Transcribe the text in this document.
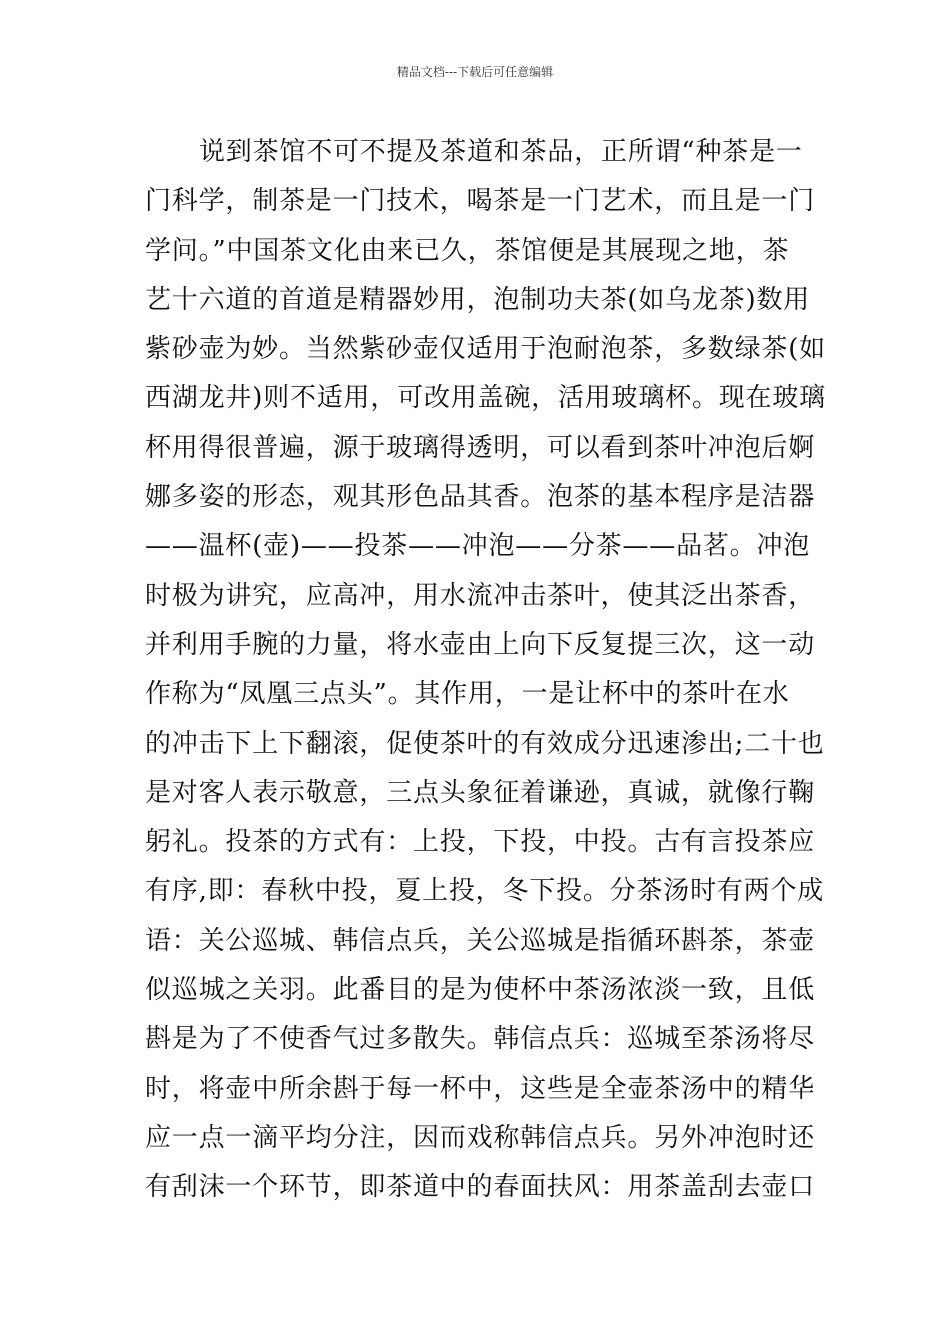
精品文档---下载后可任意编辑
说到茶馆不可不提及茶道和茶品，正所谓“种茶是一
门科学，制茶是一门技术，喝茶是一门艺术，而且是一门
学问。”中国茶文化由来已久，茶馆便是其展现之地，茶
艺十六道的首道是精器妙用，泡制功夫茶(如乌龙茶)数用
紫砂壶为妙。当然紫砂壶仅适用于泡耐泡茶，多数绿茶(如
西湖龙井)则不适用，可改用盖碗，活用玻璃杯。现在玻璃
杯用得很普遍，源于玻璃得透明，可以看到茶叶冲泡后婀
娜多姿的形态，观其形色品其香。泡茶的基本程序是洁器
——温杯(壶)——投茶——冲泡——分茶——品茗。冲泡
时极为讲究，应高冲，用水流冲击茶叶，使其泛出茶香，
并利用手腕的力量，将水壶由上向下反复提三次，这一动
作称为“凤凰三点头”。其作用，一是让杯中的茶叶在水
的冲击下上下翻滚，促使茶叶的有效成分迅速渗出;二十也
是对客人表示敬意，三点头象征着谦逊，真诚，就像行鞠
躬礼。投茶的方式有：上投，下投，中投。古有言投茶应
有序,即：春秋中投，夏上投，冬下投。分茶汤时有两个成
语：关公巡城、韩信点兵，关公巡城是指循环斟茶，茶壶
似巡城之关羽。此番目的是为使杯中茶汤浓淡一致，且低
斟是为了不使香气过多散失。韩信点兵：巡城至茶汤将尽
时，将壶中所余斟于每一杯中，这些是全壶茶汤中的精华
应一点一滴平均分注，因而戏称韩信点兵。另外冲泡时还
有刮沫一个环节，即茶道中的春面扶风：用茶盖刮去壶口
